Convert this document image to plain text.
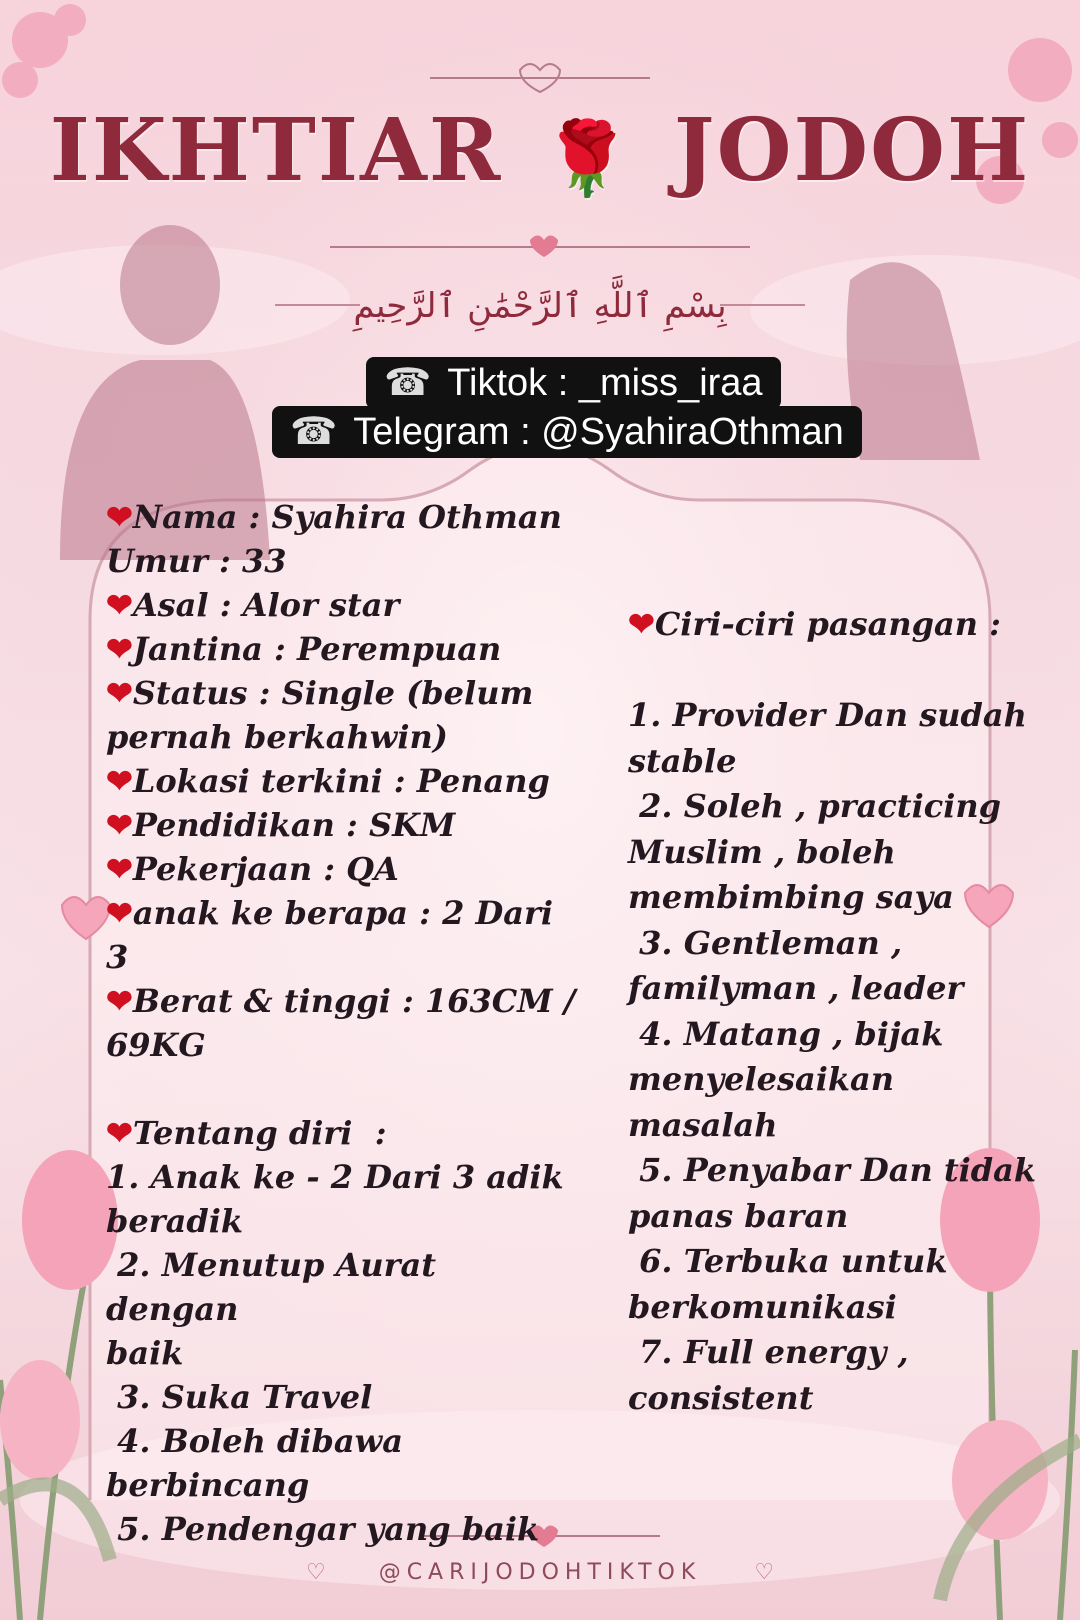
IKHTIAR 🌹 JODOH
بِسْمِ ٱللَّهِ ٱلرَّحْمَٰنِ ٱلرَّحِيمِ
☎ Tiktok : _miss_iraa
☎ Telegram : @SyahiraOthman
❤Nama : Syahira Othman
Umur : 33
❤Asal : Alor star
❤Jantina : Perempuan
❤Status : Single (belum
pernah berkahwin)
❤Lokasi terkini : Penang
❤Pendidikan : SKM
❤Pekerjaan : QA
❤anak ke berapa : 2 Dari
3
❤Berat & tinggi : 163CM /
69KG

❤Tentang diri  :
1. Anak ke - 2 Dari 3 adik
beradik
2. Menutup Aurat dengan
baik
3. Suka Travel
4. Boleh dibawa
berbincang
5. Pendengar yang baik
❤Ciri-ciri pasangan :

1. Provider Dan sudah
stable
2. Soleh , practicing
Muslim , boleh
membimbing saya
3. Gentleman ,
familyman , leader
4. Matang , bijak
menyelesaikan
masalah
5. Penyabar Dan tidak
panas baran
6. Terbuka untuk
berkomunikasi
7. Full energy ,
consistent
♡ @CARIJODOHTIKTOK ♡
